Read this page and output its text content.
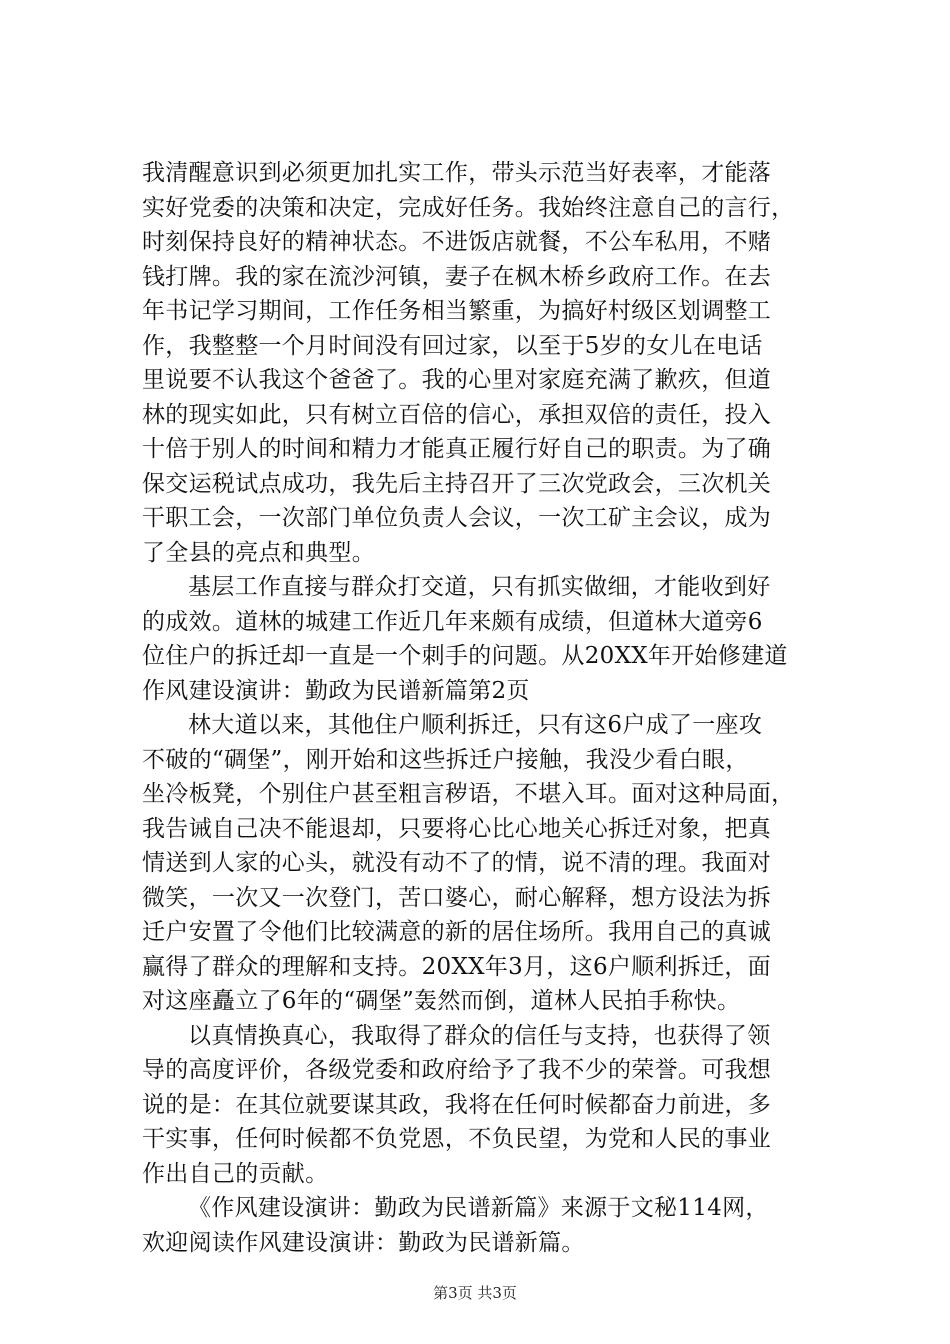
我清醒意识到必须更加扎实工作，带头示范当好表率，才能落
实好党委的决策和决定，完成好任务。我始终注意自己的言行，
时刻保持良好的精神状态。不进饭店就餐，不公车私用，不赌
钱打牌。我的家在流沙河镇，妻子在枫木桥乡政府工作。在去
年书记学习期间，工作任务相当繁重，为搞好村级区划调整工
作，我整整一个月时间没有回过家，以至于5岁的女儿在电话
里说要不认我这个爸爸了。我的心里对家庭充满了歉疚，但道
林的现实如此，只有树立百倍的信心，承担双倍的责任，投入
十倍于别人的时间和精力才能真正履行好自己的职责。为了确
保交运税试点成功，我先后主持召开了三次党政会，三次机关
干职工会，一次部门单位负责人会议，一次工矿主会议，成为
了全县的亮点和典型。
基层工作直接与群众打交道，只有抓实做细，才能收到好
的成效。道林的城建工作近几年来颇有成绩，但道林大道旁6
位住户的拆迁却一直是一个刺手的问题。从20XX年开始修建道
作风建设演讲：勤政为民谱新篇第2页
林大道以来，其他住户顺利拆迁，只有这6户成了一座攻
不破的“碉堡”，刚开始和这些拆迁户接触，我没少看白眼，
坐冷板凳，个别住户甚至粗言秽语，不堪入耳。面对这种局面，
我告诫自己决不能退却，只要将心比心地关心拆迁对象，把真
情送到人家的心头，就没有动不了的情，说不清的理。我面对
微笑，一次又一次登门，苦口婆心，耐心解释，想方设法为拆
迁户安置了令他们比较满意的新的居住场所。我用自己的真诚
赢得了群众的理解和支持。20XX年3月，这6户顺利拆迁，面
对这座矗立了6年的“碉堡”轰然而倒，道林人民拍手称快。
以真情换真心，我取得了群众的信任与支持，也获得了领
导的高度评价，各级党委和政府给予了我不少的荣誉。可我想
说的是：在其位就要谋其政，我将在任何时候都奋力前进，多
干实事，任何时候都不负党恩，不负民望，为党和人民的事业
作出自己的贡献。
《作风建设演讲：勤政为民谱新篇》来源于文秘114网，
欢迎阅读作风建设演讲：勤政为民谱新篇。
第3页 共3页
